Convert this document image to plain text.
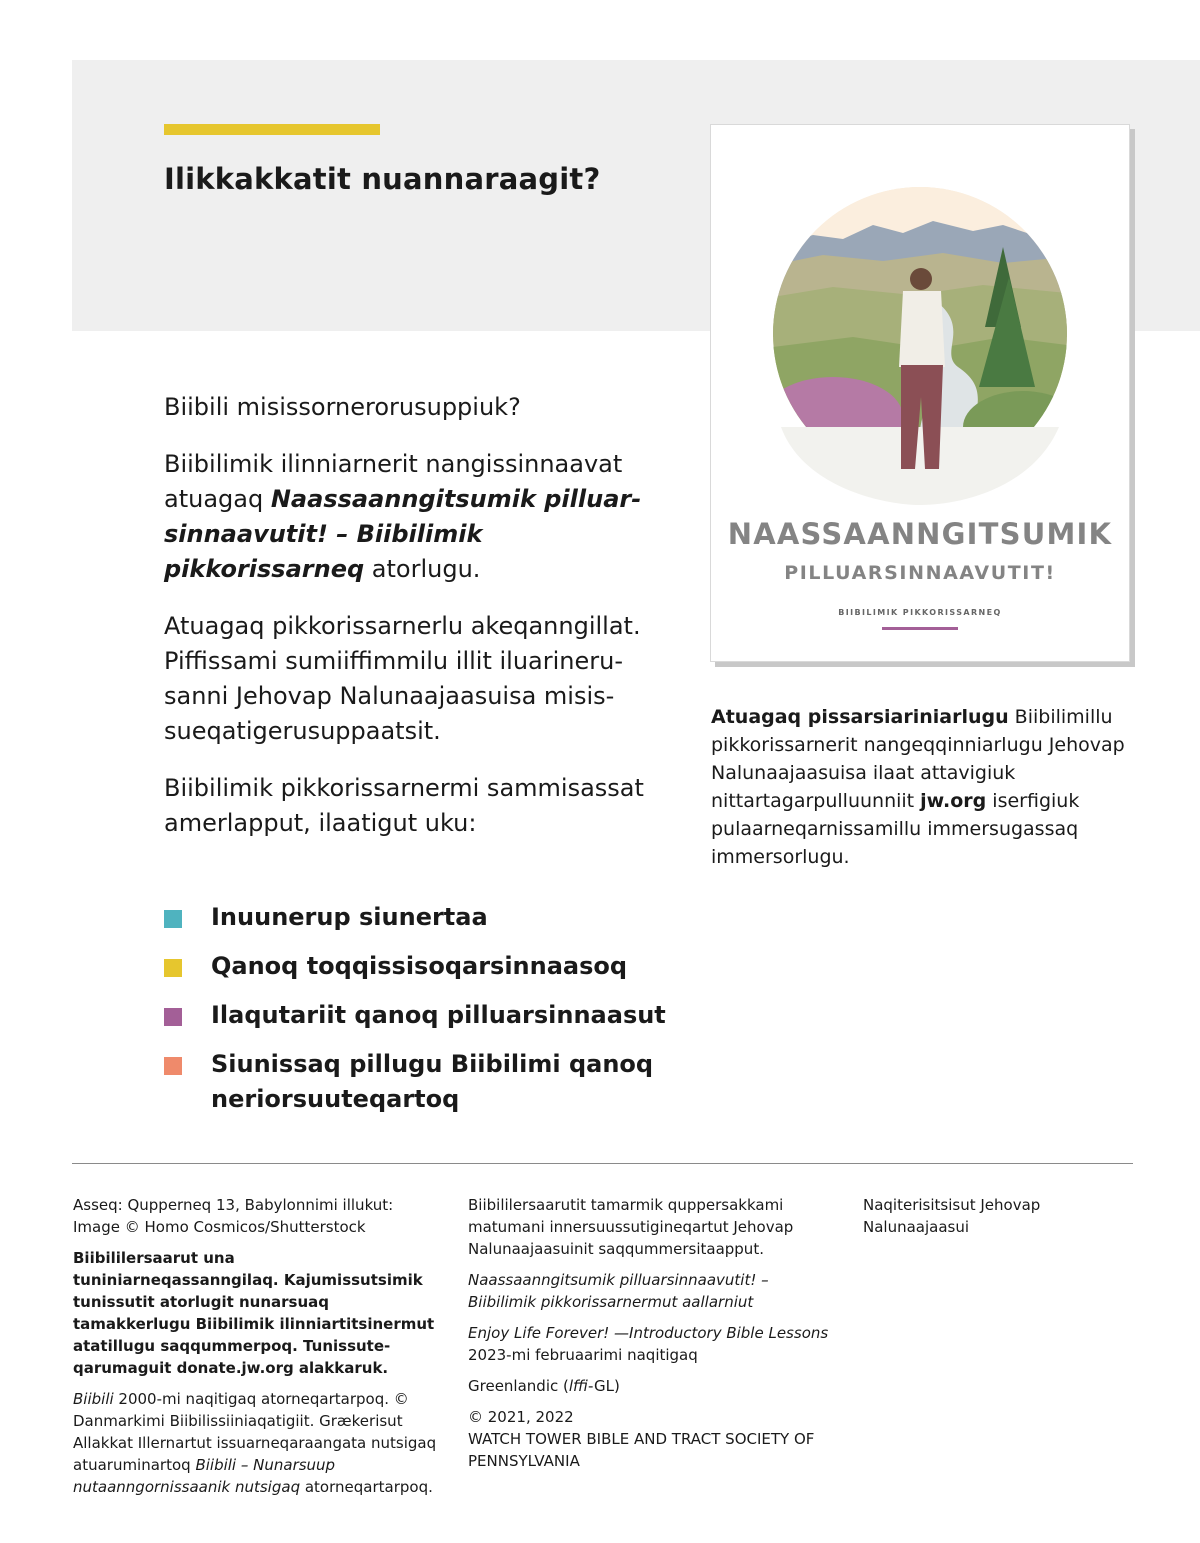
Ilikkakkatit nuannaraagit?

Biibili misissornerorusuppiuk?

Biibilimik ilinniarnerit nangissinnaavat atuagaq Naassaanngitsumik pilluarsinnaavutit! – Biibilimik pikkorissarneq atorlugu.

Atuagaq pikkorissarnerlu akeqanngillat. Piffissami sumiiffimmilu illit iluarinerusanni Jehovap Nalunaajaasuisa misissueqatigerusuppaatsit.

Biibilimik pikkorissarnermi sammisassat amerlapput, ilaatigut uku:

Inuunerup siunertaa
Qanoq toqqissisoqarsinnaasoq
Ilaqutariit qanoq pilluarsinnaasut
Siunissaq pillugu Biibilimi qanoq neriorsuuteqartoq
NAASSAANNGITSUMIK
PILLUARSINNAAVUTIT!
BIIBILIMIK PIKKORISSARNEQ
Atuagaq pissarsiariniarlugu Biibilimillu pikkorissarnerit nangeqqinniarlugu Jehovap Nalunaajaasuisa ilaat attavigiuk nittartagarpulluunniit jw.org iserfigiuk pulaarneqarnissamillu immersugassaq immersorlugu.

Asseq: Qupperneq 13, Babylonnimi illukut: Image © Homo Cosmicos/Shutterstock

Biibililersaarut una tuniniarneqassanngilaq. Kajumissutsimik tunissutit atorlugit nunarsuaq tamakkerlugu Biibilimik ilinniartitsinermut atatillugu saqqummerpoq. Tunissuteqarumaguit donate.jw.org alakkaruk.

Biibili 2000-mi naqitigaq atorneqartarpoq. © Danmarkimi Biibilissiiniaqatigiit. Grækerisut Allakkat Illernartut issuarneqaraangata nutsigaq atuaruminartoq Biibili – Nunarsuup nutaanngornissaanik nutsigaq atorneqartarpoq.

Biibililersaarutit tamarmik quppersakkami matumani innersuussutigineqartut Jehovap Nalunaajaasuinit saqqummersitaapput.

Naassaanngitsumik pilluarsinnaavutit! – Biibilimik pikkorissarnermut aallarniut

Enjoy Life Forever! —Introductory Bible Lessons
2023-mi februaarimi naqitigaq

Greenlandic (lffi-GL)

© 2021, 2022
WATCH TOWER BIBLE AND TRACT SOCIETY OF PENNSYLVANIA

Naqiterisitsisut Jehovap Nalunaajaasui
